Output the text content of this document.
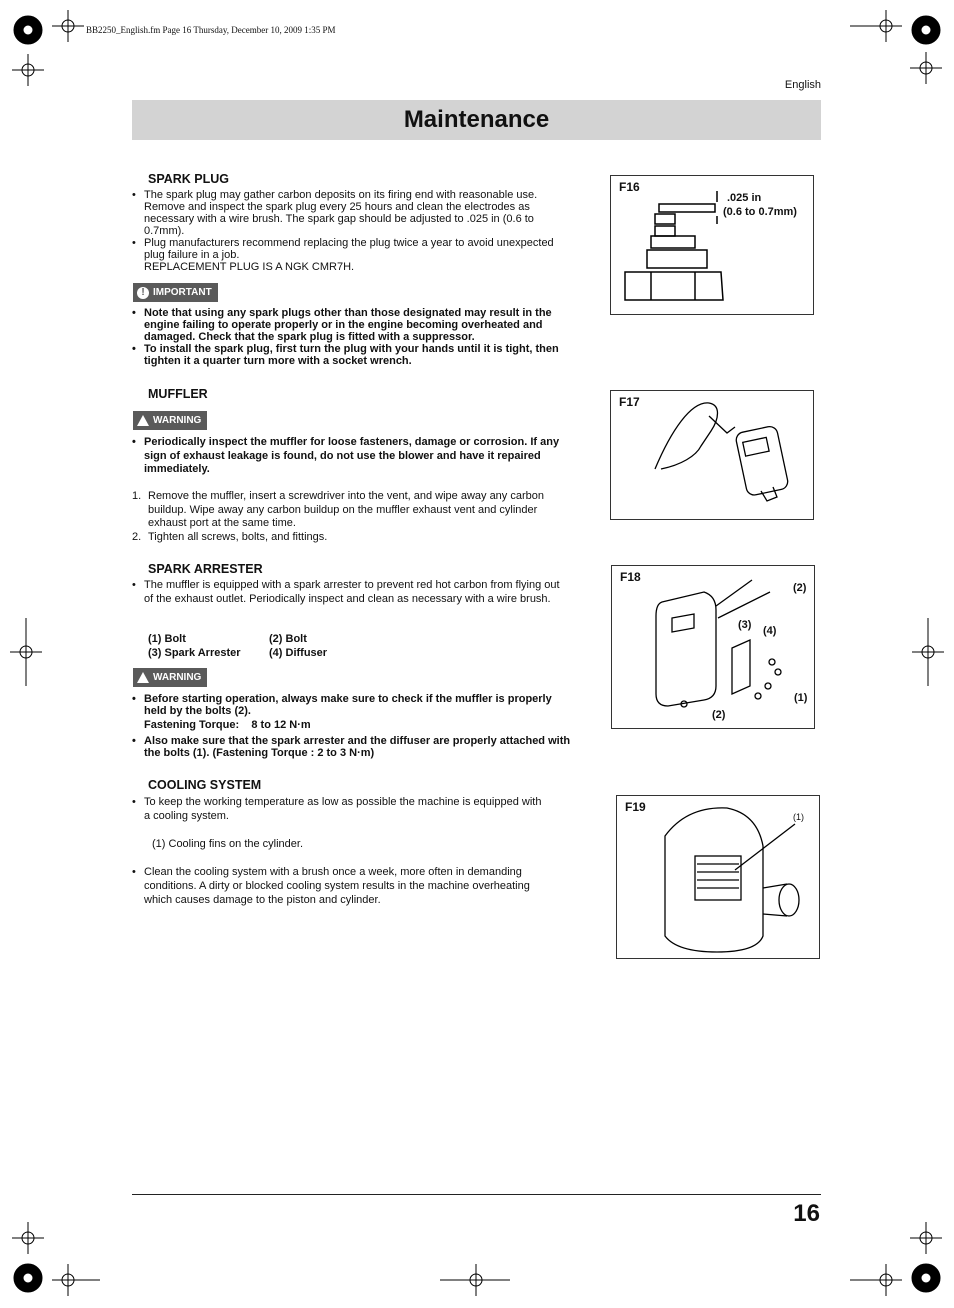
BB2250_English.fm Page 16 Thursday, December 10, 2009 1:35 PM
English
Maintenance
SPARK PLUG
• The spark plug may gather carbon deposits on its firing end with reasonable use. Remove and inspect the spark plug every 25 hours and clean the electrodes as necessary with a wire brush. The spark gap should be adjusted to .025 in (0.6 to 0.7mm).
• Plug manufacturers recommend replacing the plug twice a year to avoid unexpected plug failure in a job.
REPLACEMENT PLUG IS A NGK CMR7H.
! IMPORTANT
• Note that using any spark plugs other than those designated may result in the engine failing to operate properly or in the engine becoming overheated and damaged. Check that the spark plug is fitted with a suppressor.
• To install the spark plug, first turn the plug with your hands until it is tight, then tighten it a quarter turn more with a socket wrench.
MUFFLER
WARNING
• Periodically inspect the muffler for loose fasteners, damage or corrosion. If any sign of exhaust leakage is found, do not use the blower and have it repaired immediately.
1. Remove the muffler, insert a screwdriver into the vent, and wipe away any carbon buildup. Wipe away any carbon buildup on the muffler exhaust vent and cylinder exhaust port at the same time.
2. Tighten all screws, bolts, and fittings.
SPARK ARRESTER
• The muffler is equipped with a spark arrester to prevent red hot carbon from flying out of the exhaust outlet. Periodically inspect and clean as necessary with a wire brush.
(1) Bolt	(2) Bolt
(3) Spark Arrester	(4) Diffuser
WARNING
• Before starting operation, always make sure to check if the muffler is properly held by the bolts (2).
Fastening Torque: 8 to 12 N·m
• Also make sure that the spark arrester and the diffuser are properly attached with the bolts (1). (Fastening Torque : 2 to 3 N·m)
COOLING SYSTEM
• To keep the working temperature as low as possible the machine is equipped with a cooling system.
(1) Cooling fins on the cylinder.
• Clean the cooling system with a brush once a week, more often in demanding conditions. A dirty or blocked cooling system results in the machine overheating which causes damage to the piston and cylinder.
F16
.025 in
(0.6 to 0.7mm)
F17
F18
(2)
(3) (4)
(1)
(2)
F19
(1)
16
